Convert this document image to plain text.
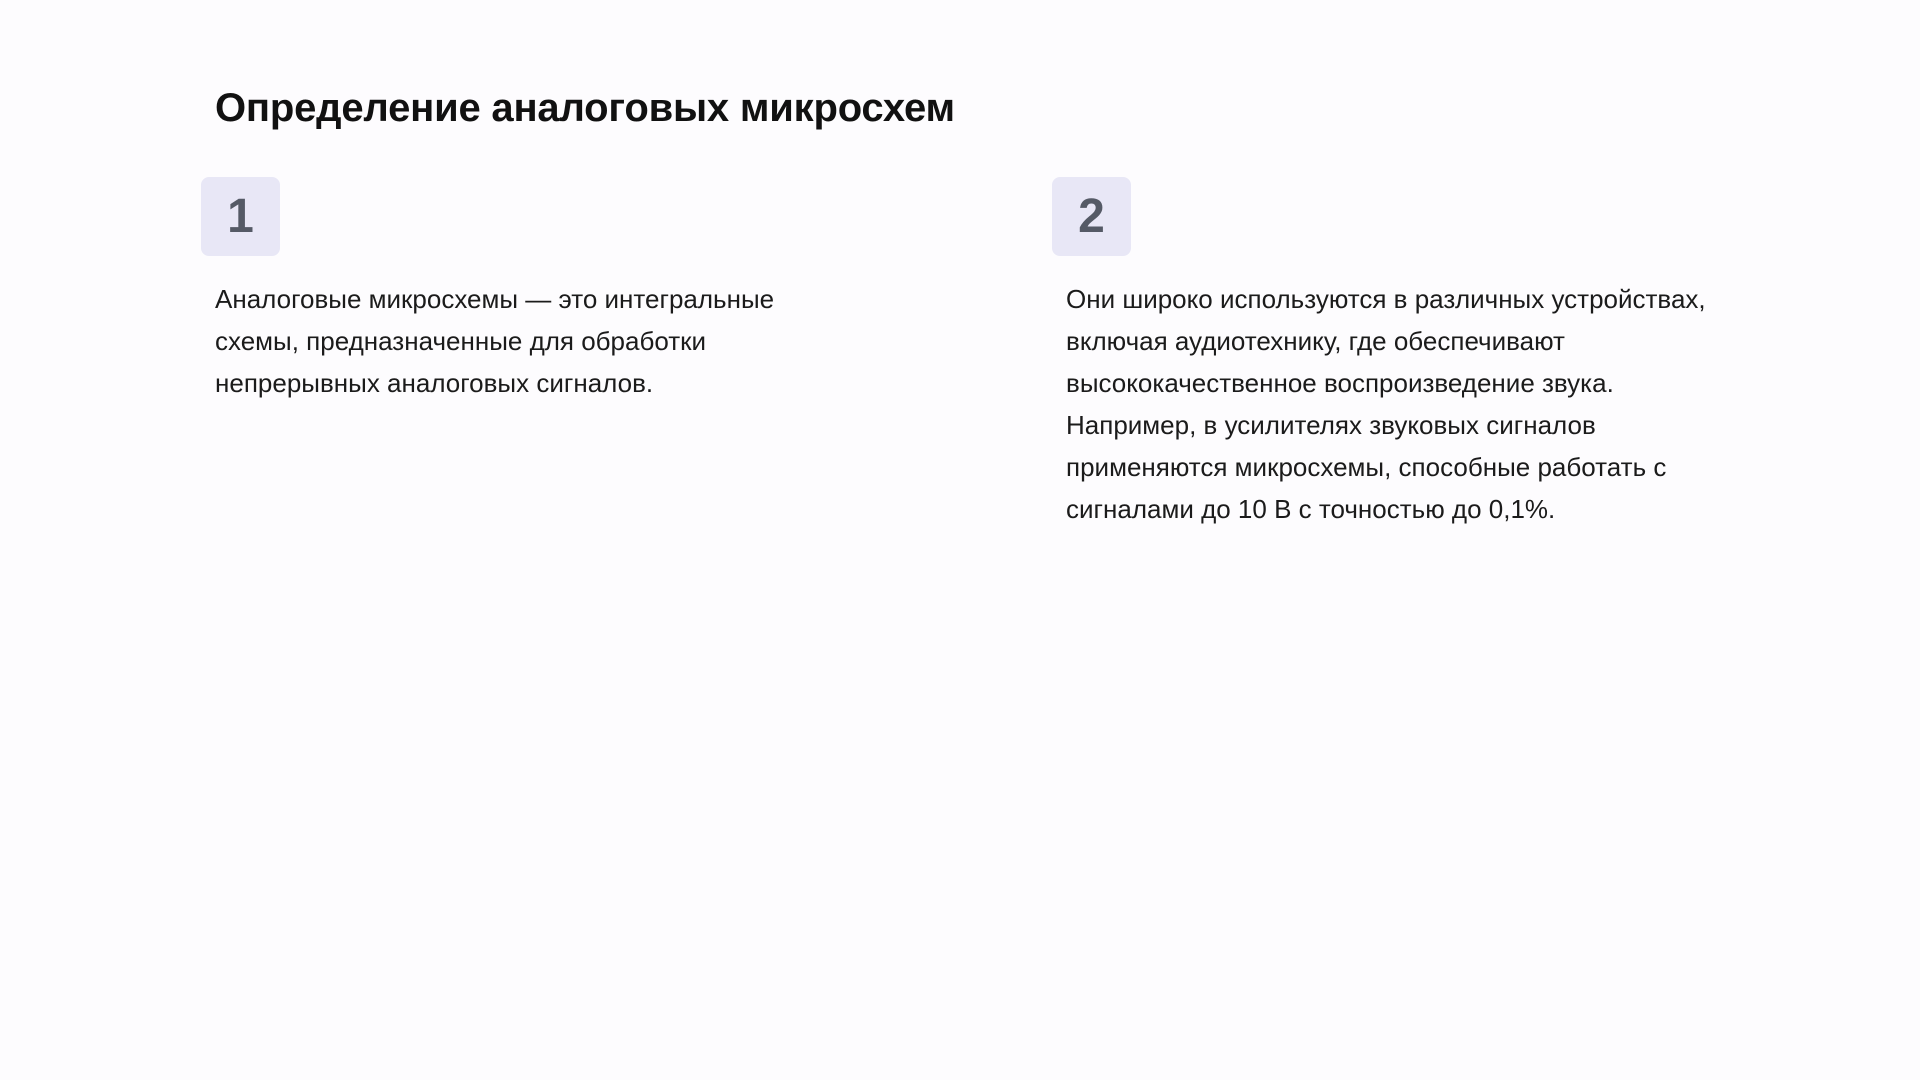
Определение аналоговых микросхем
1

Аналоговые микросхемы — это интегральные схемы, предназначенные для обработки непрерывных аналоговых сигналов.

2

Они широко используются в различных устройствах, включая аудиотехнику, где обеспечивают высококачественное воспроизведение звука. Например, в усилителях звуковых сигналов применяются микросхемы, способные работать с сигналами до 10 В с точностью до 0,1%.
